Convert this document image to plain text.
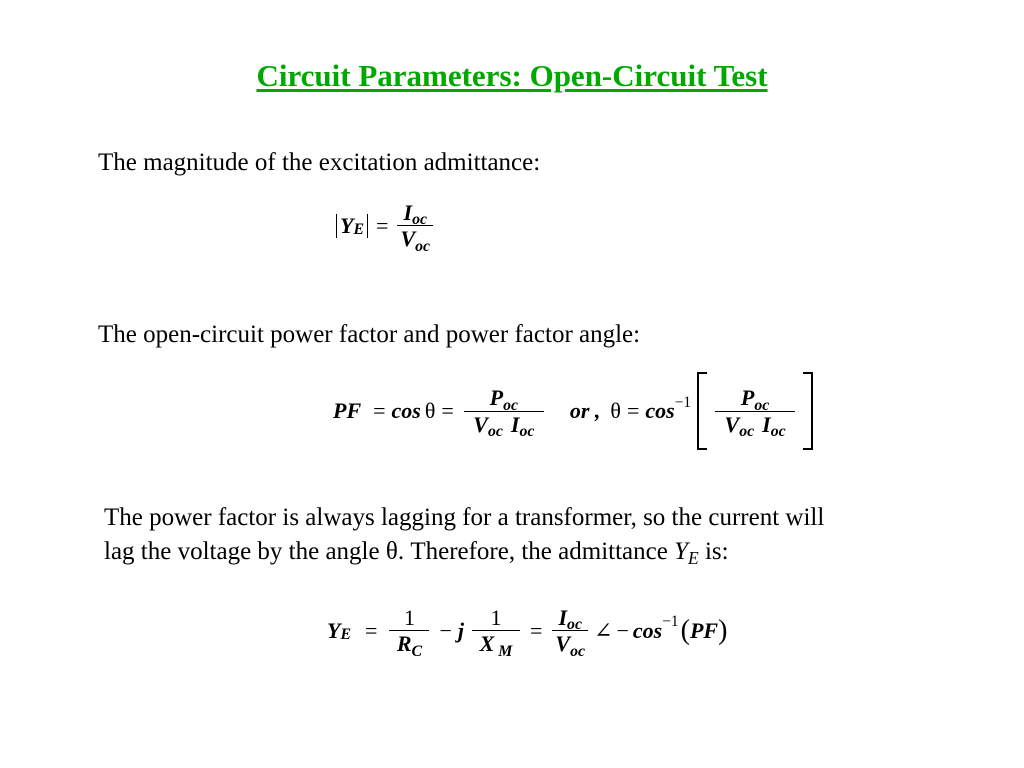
Circuit Parameters: Open-Circuit Test
The magnitude of the excitation admittance:
Y $E = \frac{I_{oc}}{V_{oc}}$
The open-circuit power factor and power factor angle:
PF = $\cos \theta = \frac{P_{oc}}{V_{oc} I_{oc}}$ or , $\theta = \cos -1 \frac{P_{oc}}{V_{oc} I_{oc}}$
The power factor is always lagging for a transformer, so the current will
lag the voltage by the angle θ. Therefore, the admittance YE is:
Y $E = \frac{1}{R_C} - j \frac{1}{X _M} = \frac{I_{oc}}{V_{oc}}$ ∠ − cos −1 ( PF )
